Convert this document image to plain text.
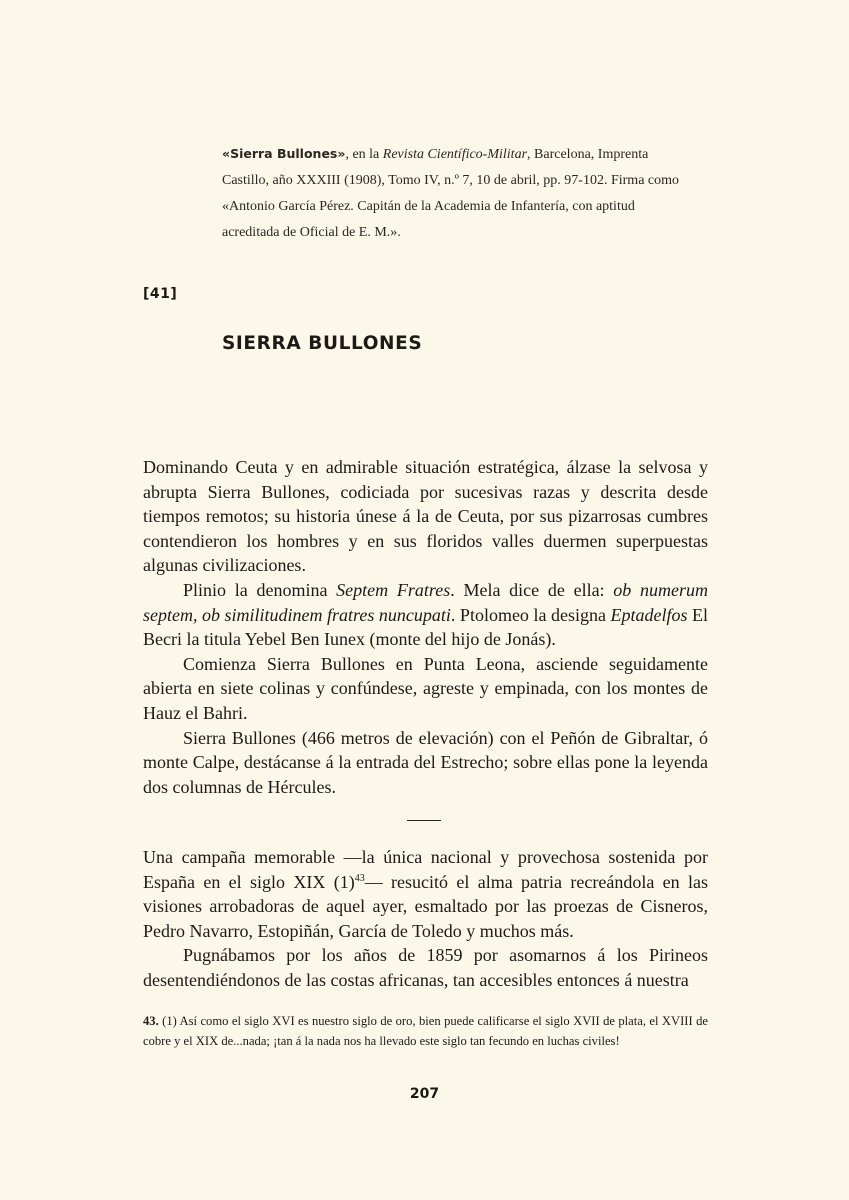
«Sierra Bullones», en la Revista Científico-Militar, Barcelona, Imprenta Castillo, año XXXIII (1908), Tomo IV, n.º 7, 10 de abril, pp. 97-102. Firma como «Antonio García Pérez. Capitán de la Academia de Infantería, con aptitud acreditada de Oficial de E. M.».
[41]
SIERRA BULLONES

Dominando Ceuta y en admirable situación estratégica, álzase la selvosa y abrupta Sierra Bullones, codiciada por sucesivas razas y descrita desde tiempos remotos; su historia únese á la de Ceuta, por sus pizarrosas cumbres contendieron los hombres y en sus floridos valles duermen superpuestas algunas civilizaciones.

Plinio la denomina Septem Fratres. Mela dice de ella: ob numerum septem, ob similitudinem fratres nuncupati. Ptolomeo la designa Eptadelfos El Becri la titula Yebel Ben Iunex (monte del hijo de Jonás).

Comienza Sierra Bullones en Punta Leona, asciende seguidamente abierta en siete colinas y confúndese, agreste y empinada, con los montes de Hauz el Bahri.

Sierra Bullones (466 metros de elevación) con el Peñón de Gibraltar, ó monte Calpe, destácanse á la entrada del Estrecho; sobre ellas pone la leyenda dos columnas de Hércules.

Una campaña memorable —la única nacional y provechosa sostenida por España en el siglo XIX $(1)^{43}—$ resucitó el alma patria recreándola en las visiones arrobadoras de aquel ayer, esmaltado por las proezas de Cisneros, Pedro Navarro, Estopiñán, García de Toledo y muchos más.

Pugnábamos por los años de 1859 por asomarnos á los Pirineos desentendiéndonos de las costas africanas, tan accesibles entonces á nuestra

43. (1) Así como el siglo XVI es nuestro siglo de oro, bien puede calificarse el siglo XVII de plata, el XVIII de cobre y el XIX de...nada; ¡tan á la nada nos ha llevado este siglo tan fecundo en luchas civiles!
207
